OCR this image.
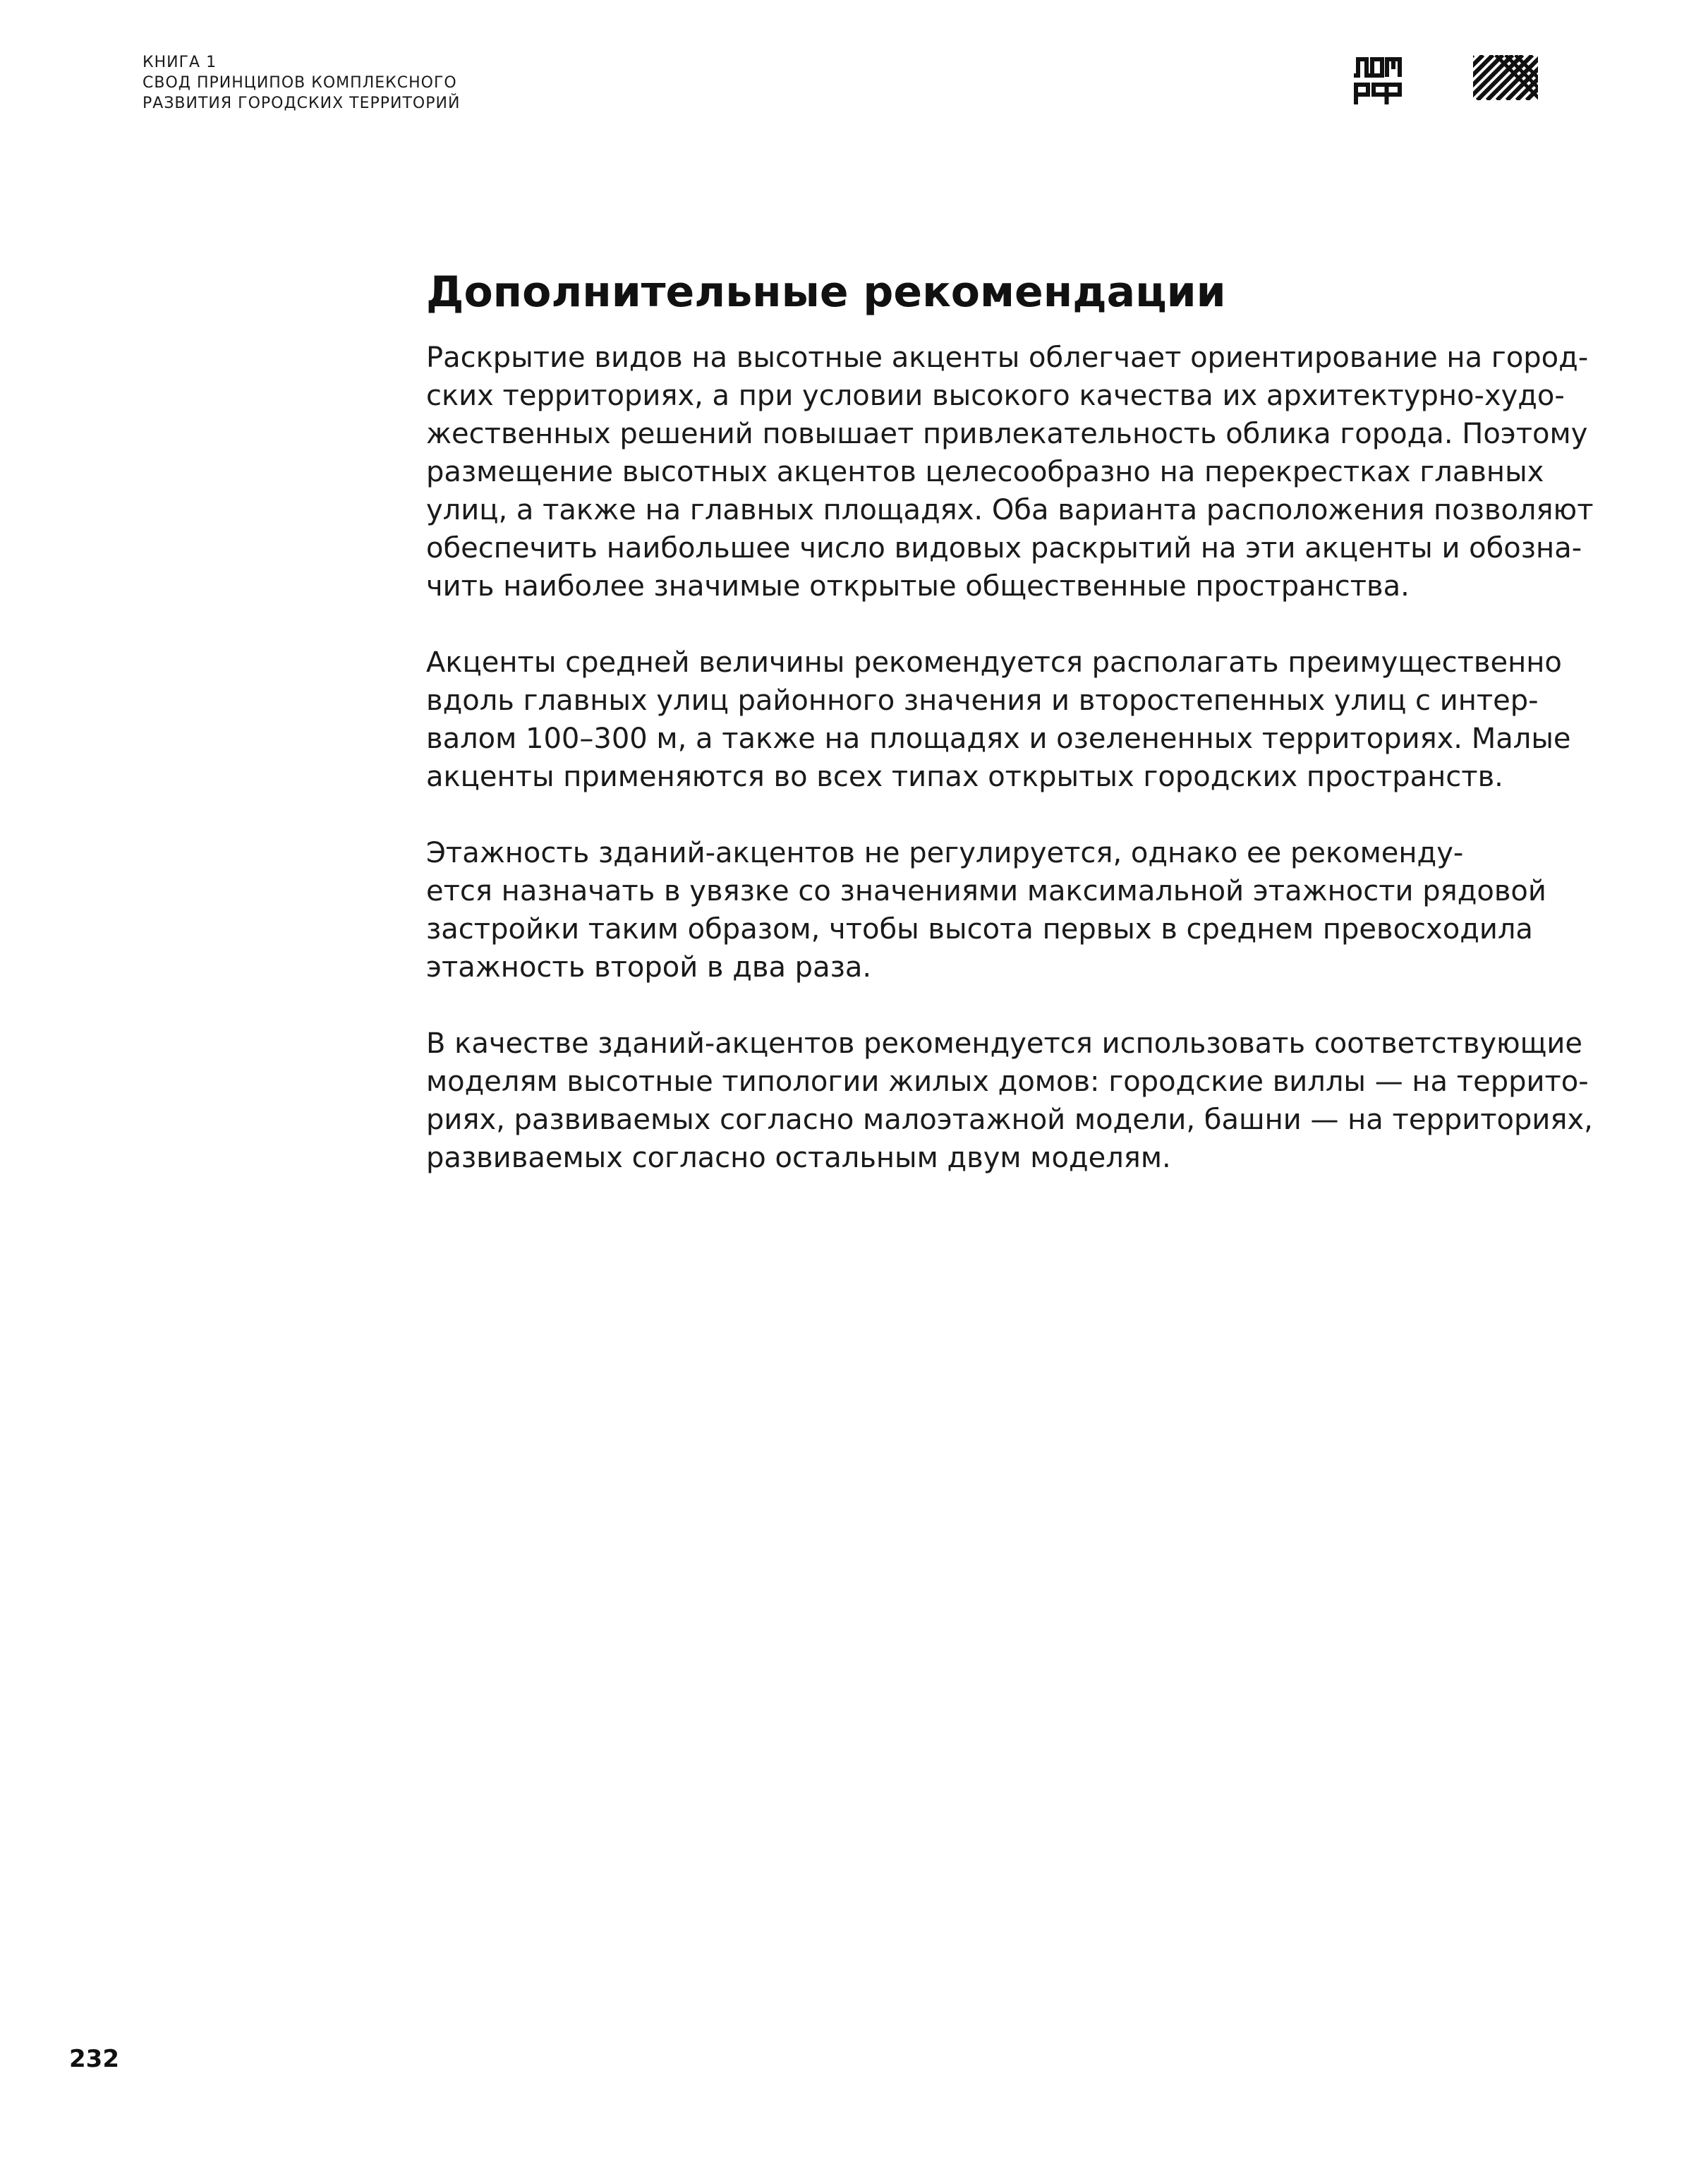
КНИГА 1
СВОД ПРИНЦИПОВ КОМПЛЕКСНОГО
РАЗВИТИЯ ГОРОДСКИХ ТЕРРИТОРИЙ
Дополнительные рекомендации
Раскрытие видов на высотные акценты облегчает ориентирование на город-
ских территориях, а при условии высокого качества их архитектурно-худо-
жественных решений повышает привлекательность облика города. Поэтому
размещение высотных акцентов целесообразно на перекрестках главных
улиц, а также на главных площадях. Оба варианта расположения позволяют
обеспечить наибольшее число видовых раскрытий на эти акценты и обозна-
чить наиболее значимые открытые общественные пространства.
Акценты средней величины рекомендуется располагать преимущественно
вдоль главных улиц районного значения и второстепенных улиц с интер-
валом 100–300 м, а также на площадях и озелененных территориях. Малые
акценты применяются во всех типах открытых городских пространств.
Этажность зданий-акцентов не регулируется, однако ее рекоменду-
ется назначать в увязке со значениями максимальной этажности рядовой
застройки таким образом, чтобы высота первых в среднем превосходила
этажность второй в два раза.
В качестве зданий-акцентов рекомендуется использовать соответствующие
моделям высотные типологии жилых домов: городские виллы — на террито-
риях, развиваемых согласно малоэтажной модели, башни — на территориях,
развиваемых согласно остальным двум моделям.
232
